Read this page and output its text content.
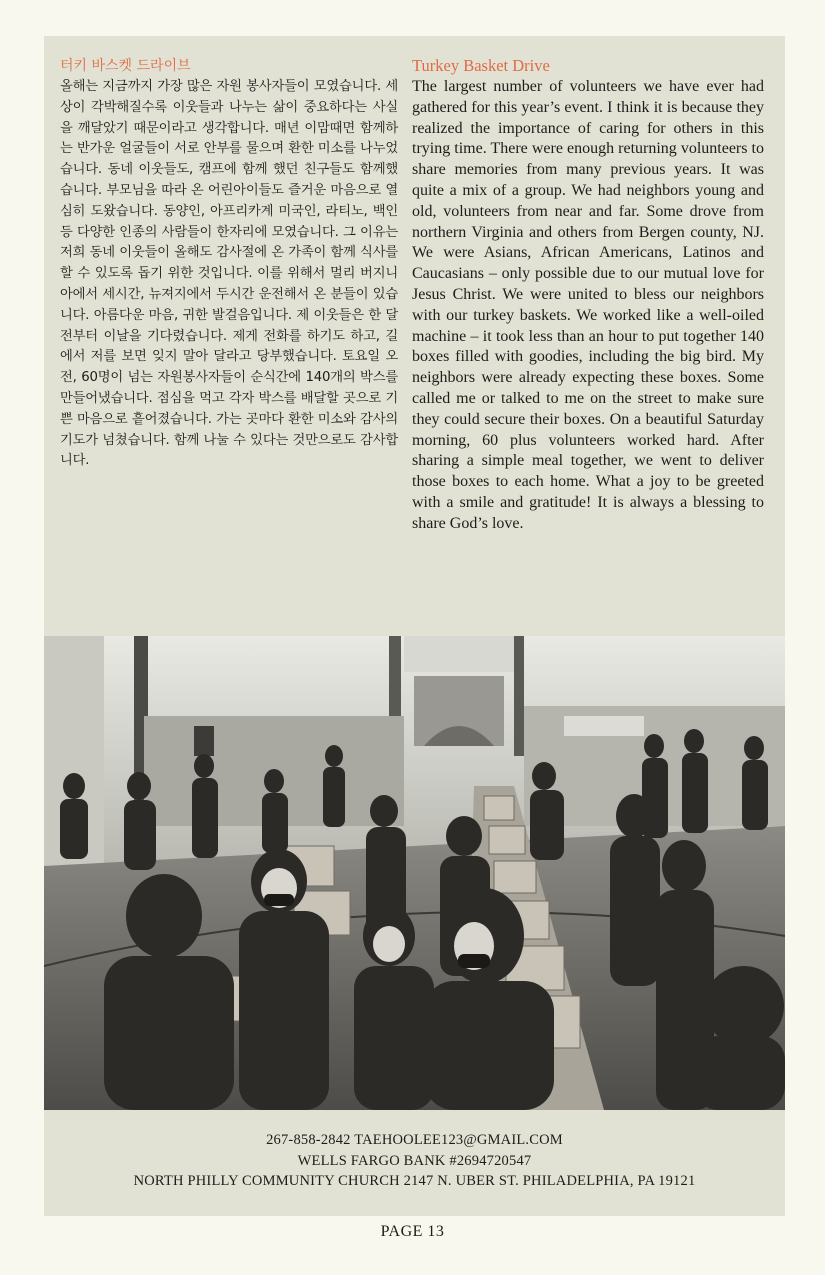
터키 바스켓 드라이브

올해는 지금까지 가장 많은 자원 봉사자들이 모였습니다. 세상이 각박해질수록 이웃들과 나누는 삶이 중요하다는 사실을 깨달았기 때문이라고 생각합니다. 매년 이맘때면 함께하는 반가운 얼굴들이 서로 안부를 물으며 환한 미소를 나누었습니다. 동네 이웃들도, 캠프에 함께 했던 친구들도 함께했습니다. 부모님을 따라 온 어린아이들도 즐거운 마음으로 열심히 도왔습니다. 동양인, 아프리카계 미국인, 라티노, 백인 등 다양한 인종의 사람들이 한자리에 모였습니다. 그 이유는 저희 동네 이웃들이 올해도 감사절에 온 가족이 함께 식사를 할 수 있도록 돕기 위한 것입니다. 이를 위해서 멀리 버지니아에서 세시간, 뉴져지에서 두시간 운전해서 온 분들이 있습니다. 아름다운 마음, 귀한 발걸음입니다. 제 이웃들은 한 달 전부터 이날을 기다렸습니다. 제게 전화를 하기도 하고, 길에서 저를 보면 잊지 말아 달라고 당부했습니다. 토요일 오전, 60명이 넘는 자원봉사자들이 순식간에 140개의 박스를 만들어냈습니다. 점심을 먹고 각자 박스를 배달할 곳으로 기쁜 마음으로 흩어졌습니다. 가는 곳마다 환한 미소와 감사의 기도가 넘쳤습니다. 함께 나눌 수 있다는 것만으로도 감사합니다.

Turkey Basket Drive

The largest number of volunteers we have ever had gathered for this year’s event. I think it is because they realized the importance of caring for others in this trying time. There were enough returning volunteers to share memories from many previous years. It was quite a mix of a group. We had neighbors young and old, volunteers from near and far. Some drove from northern Virginia and others from Bergen county, NJ. We were Asians, African Americans, Latinos and Caucasians – only possible due to our mutual love for Jesus Christ. We were united to bless our neighbors with our turkey baskets. We worked like a well-oiled machine – it took less than an hour to put together 140 boxes filled with goodies, including the big bird. My neighbors were already expecting these boxes. Some called me or talked to me on the street to make sure they could secure their boxes. On a beautiful Saturday morning, 60 plus volunteers worked hard. After sharing a simple meal together, we went to deliver those boxes to each home. What a joy to be greeted with a smile and gratitude! It is always a blessing to share God’s love.

267-858-2842 TAEHOOLEE123@GMAIL.COM
WELLS FARGO BANK #2694720547
NORTH PHILLY COMMUNITY CHURCH 2147 N. UBER ST. PHILADELPHIA, PA 19121
PAGE 13
